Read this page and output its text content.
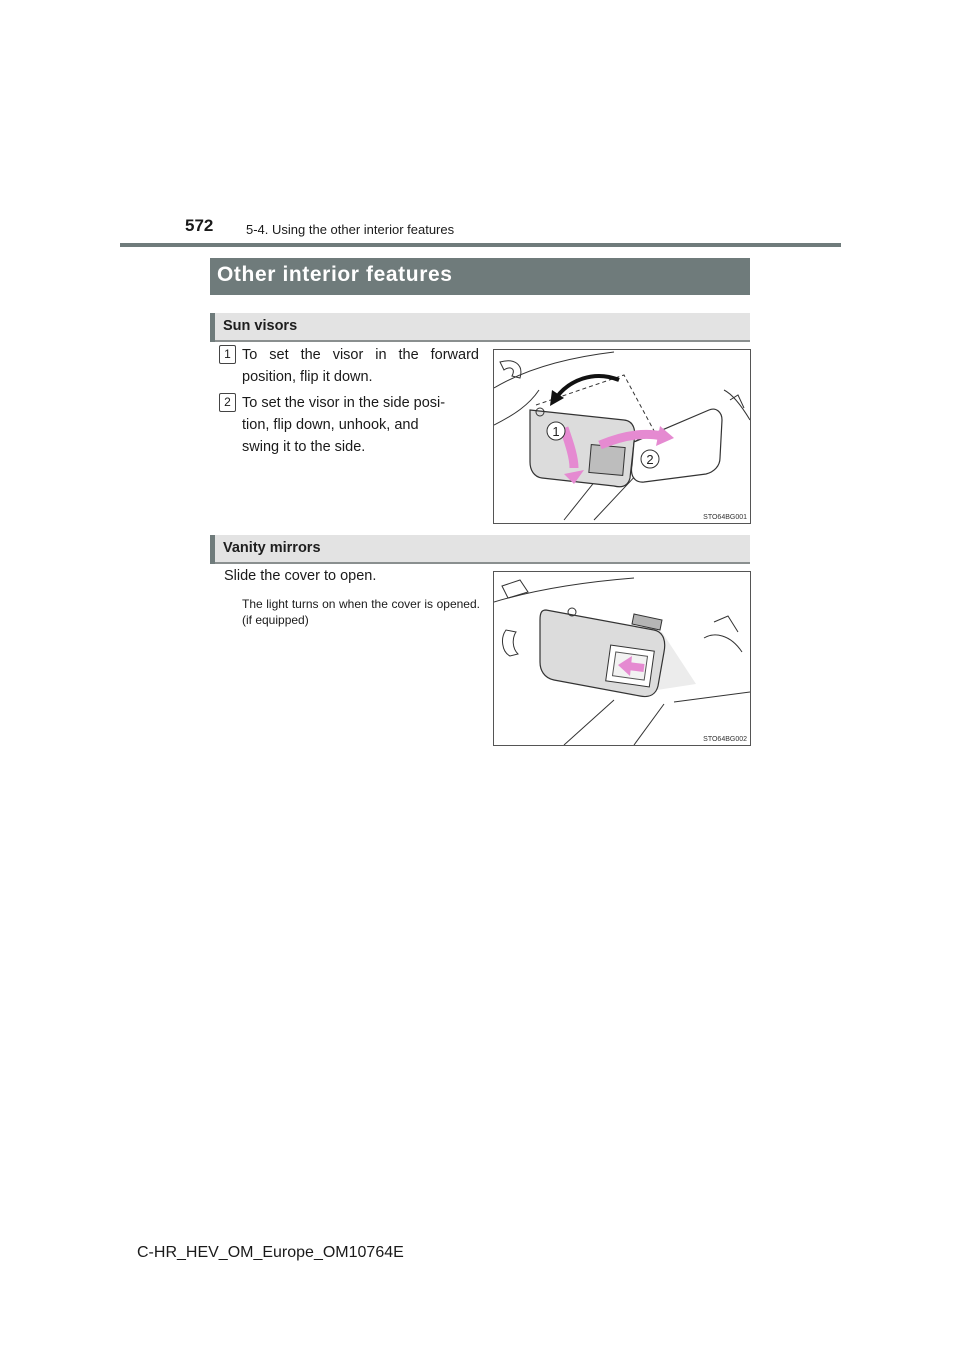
572	5-4. Using the other interior features
Other interior features
Sun visors
1 To set the visor in the forward position, flip it down.
2 To set the visor in the side posi-
tion, flip down, unhook, and
swing it to the side.
1
2
STO64BG001
Vanity mirrors
Slide the cover to open.
The light turns on when the cover is opened. (if equipped)
STO64BG002
C-HR_HEV_OM_Europe_OM10764E
